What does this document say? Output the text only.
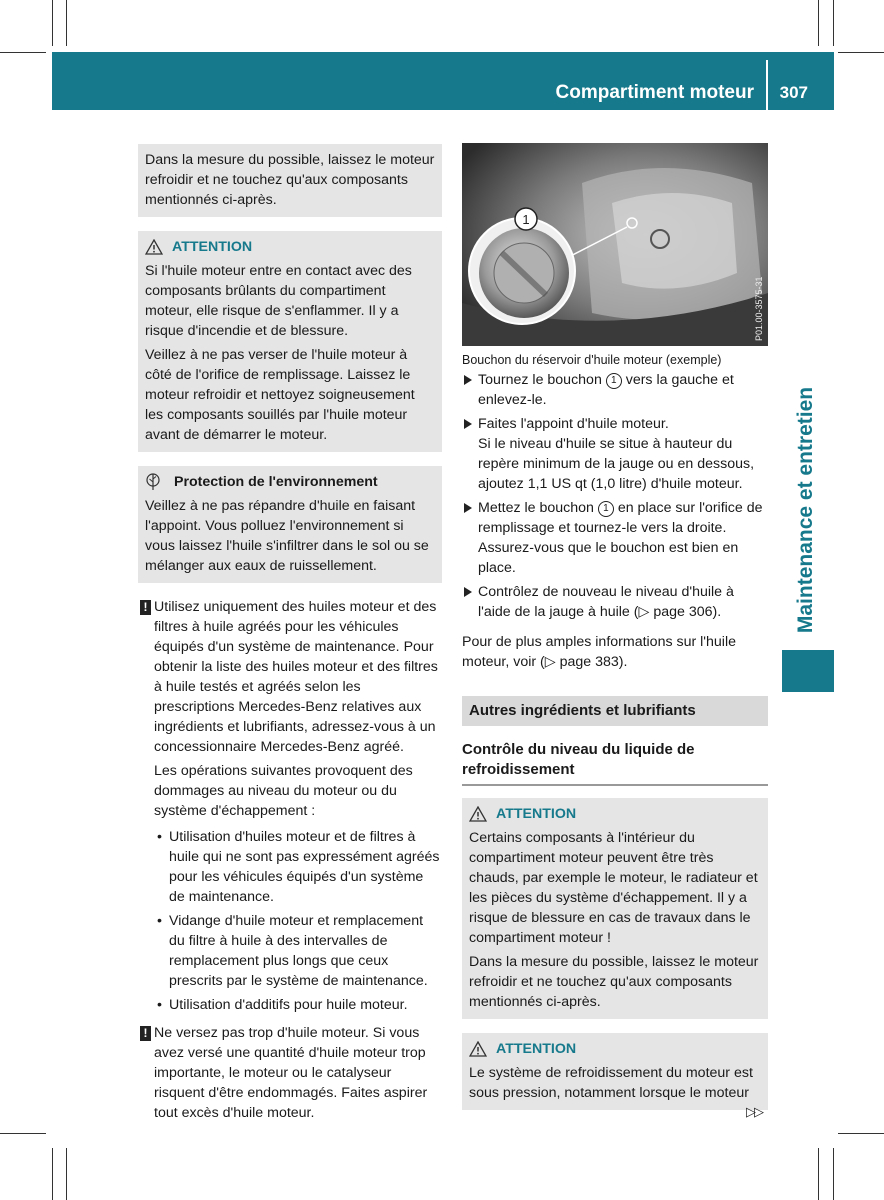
Compartiment moteur 307
Maintenance et entretien

Dans la mesure du possible, laissez le moteur refroidir et ne touchez qu'aux composants mentionnés ci-après.

ATTENTION

Si l'huile moteur entre en contact avec des composants brûlants du compartiment moteur, elle risque de s'enflammer. Il y a risque d'incendie et de blessure.

Veillez à ne pas verser de l'huile moteur à côté de l'orifice de remplissage. Laissez le moteur refroidir et nettoyez soigneusement les composants souillés par l'huile moteur avant de démarrer le moteur.

Protection de l'environnement

Veillez à ne pas répandre d'huile en faisant l'appoint. Vous polluez l'environnement si vous laissez l'huile s'infiltrer dans le sol ou se mélanger aux eaux de ruissellement.

! Utilisez uniquement des huiles moteur et des filtres à huile agréés pour les véhicules équipés d'un système de maintenance. Pour obtenir la liste des huiles moteur et des filtres à huile testés et agréés selon les prescriptions Mercedes-Benz relatives aux ingrédients et lubrifiants, adressez-vous à un concessionnaire Mercedes-Benz agréé.

Les opérations suivantes provoquent des dommages au niveau du moteur ou du système d'échappement :

• Utilisation d'huiles moteur et de filtres à huile qui ne sont pas expressément agréés pour les véhicules équipés d'un système de maintenance.
• Vidange d'huile moteur et remplacement du filtre à huile à des intervalles de remplacement plus longs que ceux prescrits par le système de maintenance.
• Utilisation d'additifs pour huile moteur.
! Ne versez pas trop d'huile moteur. Si vous avez versé une quantité d'huile moteur trop importante, le moteur ou le catalyseur risquent d'être endommagés. Faites aspirer tout excès d'huile moteur.

1
P01.00-3575-31
Bouchon du réservoir d'huile moteur (exemple)
Tournez le bouchon 1 vers la gauche et enlevez-le.
Faites l'appoint d'huile moteur.
Si le niveau d'huile se situe à hauteur du repère minimum de la jauge ou en dessous, ajoutez 1,1 US qt (1,0 litre) d'huile moteur.
Mettez le bouchon 1 en place sur l'orifice de remplissage et tournez-le vers la droite. Assurez-vous que le bouchon est bien en place.
Contrôlez de nouveau le niveau d'huile à l'aide de la jauge à huile (▷ page 306).

Pour de plus amples informations sur l'huile moteur, voir (▷ page 383).

Autres ingrédients et lubrifiants
Contrôle du niveau du liquide de refroidissement
ATTENTION

Certains composants à l'intérieur du compartiment moteur peuvent être très chauds, par exemple le moteur, le radiateur et les pièces du système d'échappement. Il y a risque de blessure en cas de travaux dans le compartiment moteur !

Dans la mesure du possible, laissez le moteur refroidir et ne touchez qu'aux composants mentionnés ci-après.

ATTENTION

Le système de refroidissement du moteur est sous pression, notamment lorsque le moteur

▷▷
